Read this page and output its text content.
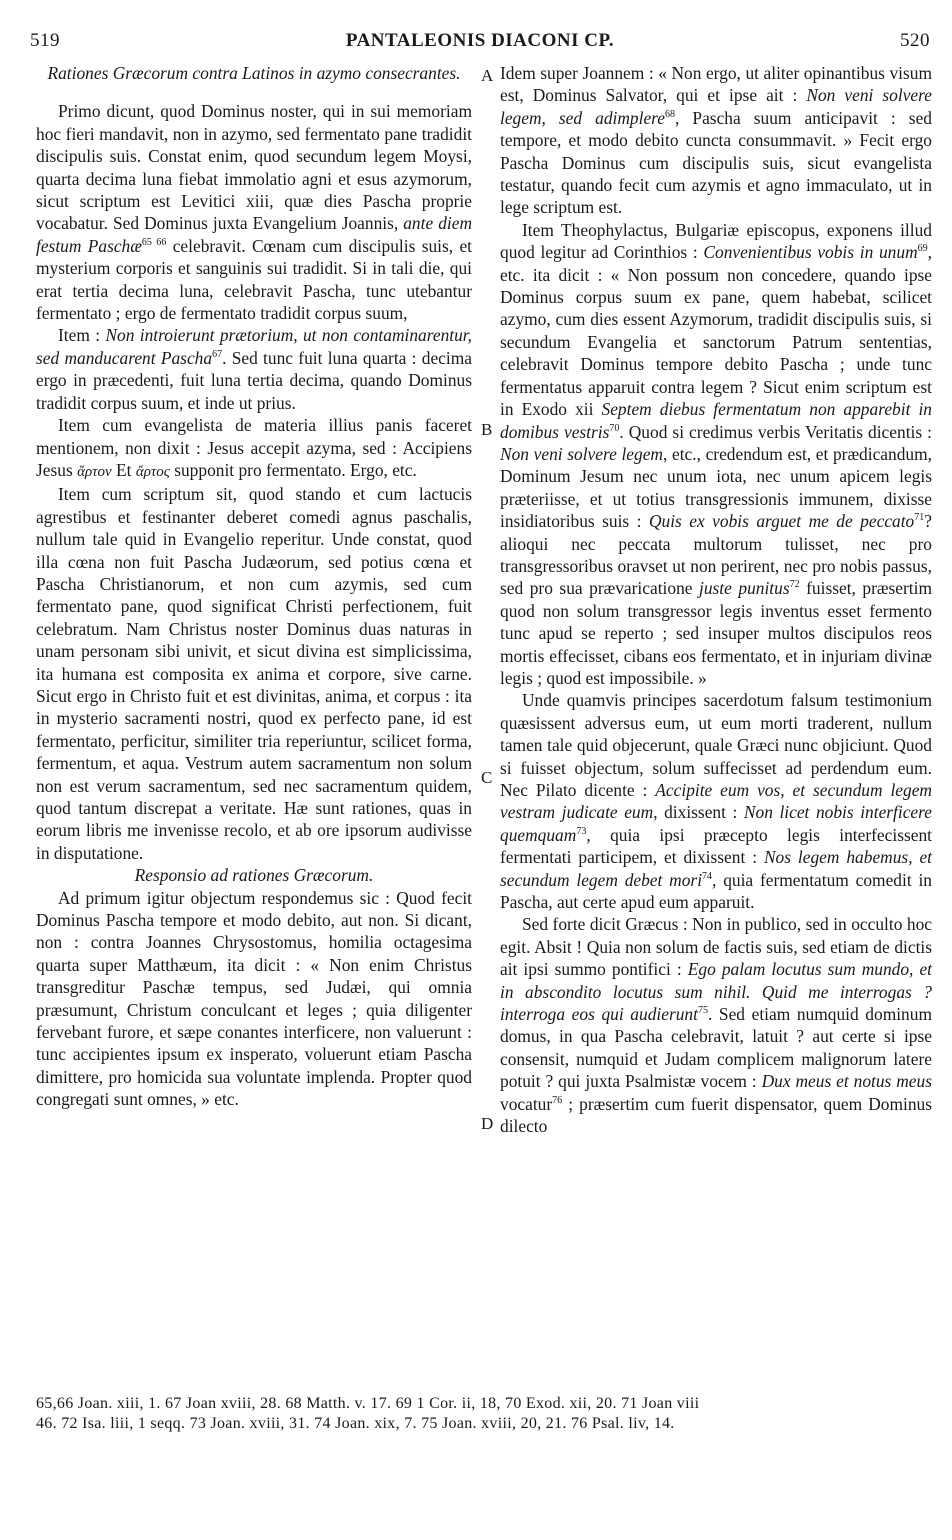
519	PANTALEONIS DIACONI CP.	520
A
B
C
D

Rationes Græcorum contra Latinos in azymo consecrantes.

Primo dicunt, quod Dominus noster, qui in sui memoriam hoc fieri mandavit, non in azymo, sed fermentato pane tradidit discipulis suis. Constat enim, quod secundum legem Moysi, quarta decima luna fiebat immolatio agni et esus azymorum, sicut scriptum est Levitici xiii, quæ dies Pascha proprie vocabatur. Sed Dominus juxta Evangelium Joannis, ante diem festum Paschæ$^{65 66}$ celebravit. Cœnam cum discipulis suis, et mysterium corporis et sanguinis sui tradidit. Si in tali die, qui erat tertia decima luna, celebravit Pascha, tunc utebantur fermentato ; ergo de fermentato tradidit corpus suum,

Item : Non introierunt prætorium, ut non contaminarentur, sed manducarent Pascha$^{67}$. Sed tunc fuit luna quarta : decima ergo in præcedenti, fuit luna tertia decima, quando Dominus tradidit corpus suum, et inde ut prius.

Item cum evangelista de materia illius panis faceret mentionem, non dixit : Jesus accepit azyma, sed : Accipiens Jesus ἄρτον Et ἄρτος supponit pro fermentato. Ergo, etc.

Item cum scriptum sit, quod stando et cum lactucis agrestibus et festinanter deberet comedi agnus paschalis, nullum tale quid in Evangelio reperitur. Unde constat, quod illa cœna non fuit Pascha Judæorum, sed potius cœna et Pascha Christianorum, et non cum azymis, sed cum fermentato pane, quod significat Christi perfectionem, fuit celebratum. Nam Christus noster Dominus duas naturas in unam personam sibi univit, et sicut divina est simplicissima, ita humana est composita ex anima et corpore, sive carne. Sicut ergo in Christo fuit et est divinitas, anima, et corpus : ita in mysterio sacramenti nostri, quod ex perfecto pane, id est fermentato, perficitur, similiter tria reperiuntur, scilicet forma, fermentum, et aqua. Vestrum autem sacramentum non solum non est verum sacramentum, sed nec sacramentum quidem, quod tantum discrepat a veritate. Hæ sunt rationes, quas in eorum libris me invenisse recolo, et ab ore ipsorum audivisse in disputatione.

Responsio ad rationes Græcorum.

Ad primum igitur objectum respondemus sic : Quod fecit Dominus Pascha tempore et modo debito, aut non. Si dicant, non : contra Joannes Chrysostomus, homilia octagesima quarta super Matthæum, ita dicit : « Non enim Christus transgreditur Paschæ tempus, sed Judæi, qui omnia præsumunt, Christum conculcant et leges ; quia diligenter fervebant furore, et sæpe conantes interficere, non valuerunt : tunc accipientes ipsum ex insperato, voluerunt etiam Pascha dimittere, pro homicida sua voluntate implenda. Propter quod congregati sunt omnes, » etc.

Idem super Joannem : « Non ergo, ut aliter opinantibus visum est, Dominus Salvator, qui et ipse ait : Non veni solvere legem, sed adimplere$^{68}$, Pascha suum anticipavit : sed tempore, et modo debito cuncta consummavit. » Fecit ergo Pascha Dominus cum discipulis suis, sicut evangelista testatur, quando fecit cum azymis et agno immaculato, ut in lege scriptum est.

Item Theophylactus, Bulgariæ episcopus, exponens illud quod legitur ad Corinthios : Convenientibus vobis in unum$^{69}$, etc. ita dicit : « Non possum non concedere, quando ipse Dominus corpus suum ex pane, quem habebat, scilicet azymo, cum dies essent Azymorum, tradidit discipulis suis, si secundum Evangelia et sanctorum Patrum sententias, celebravit Dominus tempore debito Pascha ; unde tunc fermentatus apparuit contra legem ? Sicut enim scriptum est in Exodo xii Septem diebus fermentatum non apparebit in domibus vestris$^{70}$. Quod si credimus verbis Veritatis dicentis : Non veni solvere legem, etc., credendum est, et prædicandum, Dominum Jesum nec unum iota, nec unum apicem legis præteriisse, et ut totius transgressionis immunem, dixisse insidiatoribus suis : Quis ex vobis arguet me de peccato$^{71}$? alioqui nec peccata multorum tulisset, nec pro transgressoribus oravset ut non perirent, nec pro nobis passus, sed pro sua prævaricatione juste punitus$^{72}$ fuisset, præsertim quod non solum transgressor legis inventus esset fermento tunc apud se reperto ; sed insuper multos discipulos reos mortis effecisset, cibans eos fermentato, et in injuriam divinæ legis ; quod est impossibile. »

Unde quamvis principes sacerdotum falsum testimonium quæsissent adversus eum, ut eum morti traderent, nullum tamen tale quid objecerunt, quale Græci nunc objiciunt. Quod si fuisset objectum, solum suffecisset ad perdendum eum. Nec Pilato dicente : Accipite eum vos, et secundum legem vestram judicate eum, dixissent : Non licet nobis interficere quemquam$^{73}$, quia ipsi præcepto legis interfecissent fermentati participem, et dixissent : Nos legem habemus, et secundum legem debet mori$^{74}$, quia fermentatum comedit in Pascha, aut certe apud eum apparuit.

Sed forte dicit Græcus : Non in publico, sed in occulto hoc egit. Absit ! Quia non solum de factis suis, sed etiam de dictis ait ipsi summo pontifici : Ego palam locutus sum mundo, et in abscondito locutus sum nihil. Quid me interrogas ? interroga eos qui audierunt$^{75}$. Sed etiam numquid dominum domus, in qua Pascha celebravit, latuit ? aut certe si ipse consensit, numquid et Judam complicem malignorum latere potuit ? qui juxta Psalmistæ vocem : Dux meus et notus meus vocatur$^{76}$ ; præsertim cum fuerit dispensator, quem Dominus dilecto

65,66 Joan. xiii, 1. 67 Joan xviii, 28. 68 Matth. v. 17. 69 1 Cor. ii, 18, 70 Exod. xii, 20. 71 Joan viii
46. 72 Isa. liii, 1 seqq. 73 Joan. xviii, 31. 74 Joan. xix, 7. 75 Joan. xviii, 20, 21. 76 Psal. liv, 14.
